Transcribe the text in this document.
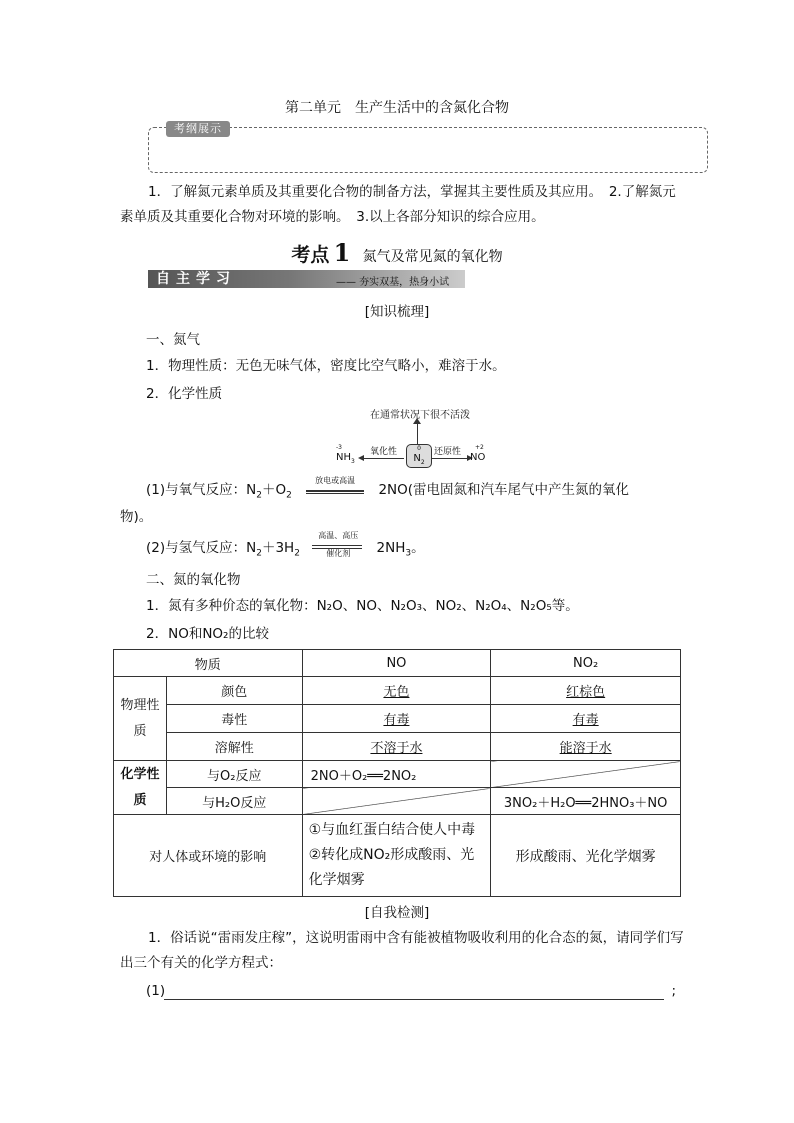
第二单元　生产生活中的含氮化合物
考纲展示
1．了解氮元素单质及其重要化合物的制备方法，掌握其主要性质及其应用。　2.了解氮元素单质及其重要化合物对环境的影响。　3.以上各部分知识的综合应用。
考点 1 氮气及常见氮的氧化物
自主学习	—— 夯实双基，热身小试
[知识梳理]
一、氮气
1．物理性质：无色无味气体，密度比空气略小，难溶于水。
2．化学性质
在通常状况下很不活泼
-3
$NH_3$
氧化性	0
$N_2$
还原性 +2
NO
(1)与氧气反应：$N_2+O_2$
放电或高温
2NO(雷电固氮和汽车尾气中产生氮的氧化
物)。
(2)与氢气反应：$N_2+3H_2$
高温、高压
催化剂	$2NH_3$。
二、氮的氧化物
1．氮有多种价态的氧化物：N₂O、NO、N₂O₃、NO₂、N₂O₄、N₂O₅等。
2．NO和NO₂的比较
物质		NO	NO₂
物理性质	颜色	无色	红棕色
	毒性	有毒	有毒
	溶解性	不溶于水	能溶于水
化学性质	与O₂反应	2NO＋O₂══2NO₂	
	与H₂O反应		3NO₂＋H₂O══2HNO₃＋NO
对人体或环境的影响		①与血红蛋白结合使人中毒②转化成NO₂形成酸雨、光化学烟雾	形成酸雨、光化学烟雾
[自我检测]
1．俗话说“雷雨发庄稼”，这说明雷雨中含有能被植物吸收利用的化合态的氮，请同学们写出三个有关的化学方程式：
(1)	;
